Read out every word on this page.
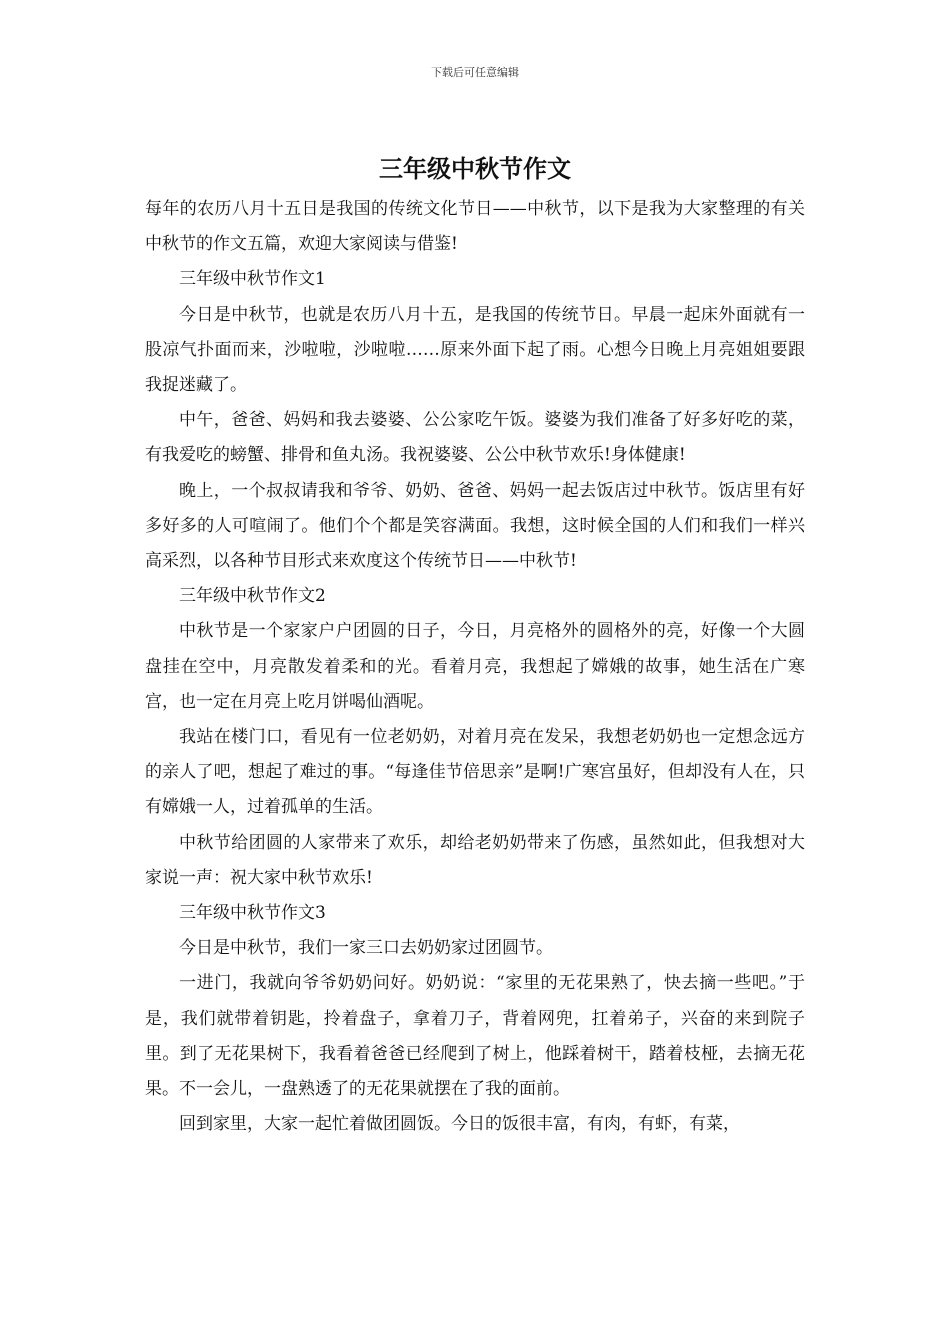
下载后可任意编辑
三年级中秋节作文

每年的农历八月十五日是我国的传统文化节日——中秋节，以下是我为大家整理的有关中秋节的作文五篇，欢迎大家阅读与借鉴!

三年级中秋节作文1

今日是中秋节，也就是农历八月十五，是我国的传统节日。早晨一起床外面就有一股凉气扑面而来，沙啦啦，沙啦啦……原来外面下起了雨。心想今日晚上月亮姐姐要跟我捉迷藏了。

中午，爸爸、妈妈和我去婆婆、公公家吃午饭。婆婆为我们准备了好多好吃的菜，有我爱吃的螃蟹、排骨和鱼丸汤。我祝婆婆、公公中秋节欢乐!身体健康!

晚上，一个叔叔请我和爷爷、奶奶、爸爸、妈妈一起去饭店过中秋节。饭店里有好多好多的人可喧闹了。他们个个都是笑容满面。我想，这时候全国的人们和我们一样兴高采烈，以各种节目形式来欢度这个传统节日——中秋节!

三年级中秋节作文2

中秋节是一个家家户户团圆的日子，今日，月亮格外的圆格外的亮，好像一个大圆盘挂在空中，月亮散发着柔和的光。看着月亮，我想起了嫦娥的故事，她生活在广寒宫，也一定在月亮上吃月饼喝仙酒呢。

我站在楼门口，看见有一位老奶奶，对着月亮在发呆，我想老奶奶也一定想念远方的亲人了吧，想起了难过的事。“每逢佳节倍思亲”是啊!广寒宫虽好，但却没有人在，只有嫦娥一人，过着孤单的生活。

中秋节给团圆的人家带来了欢乐，却给老奶奶带来了伤感，虽然如此，但我想对大家说一声：祝大家中秋节欢乐!

三年级中秋节作文3

今日是中秋节，我们一家三口去奶奶家过团圆节。

一进门，我就向爷爷奶奶问好。奶奶说：“家里的无花果熟了，快去摘一些吧。”于是，我们就带着钥匙，拎着盘子，拿着刀子，背着网兜，扛着弟子，兴奋的来到院子里。到了无花果树下，我看着爸爸已经爬到了树上，他踩着树干，踏着枝桠，去摘无花果。不一会儿，一盘熟透了的无花果就摆在了我的面前。

回到家里，大家一起忙着做团圆饭。今日的饭很丰富，有肉，有虾，有菜，
